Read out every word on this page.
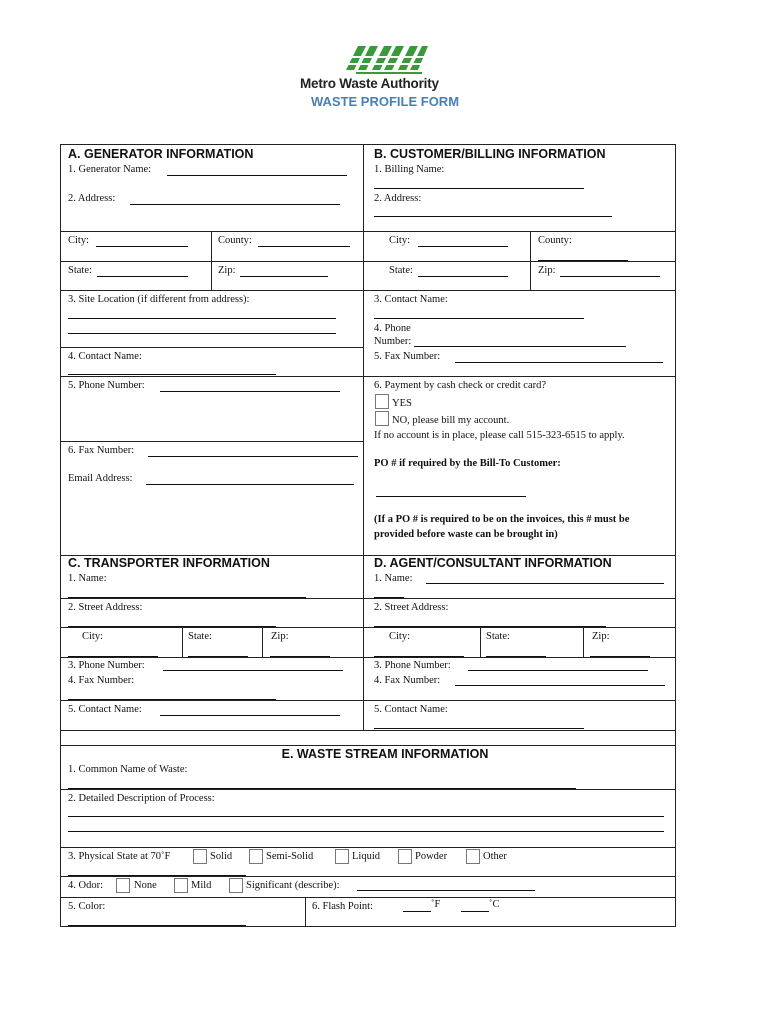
Metro Waste Authority
WASTE PROFILE FORM
A. GENERATOR INFORMATION
1. Generator Name:
2. Address:
City:	County:
State:	Zip:
3. Site Location (if different from address):
4. Contact Name:
5. Phone Number:
6. Fax Number:
Email Address:
B. CUSTOMER/BILLING INFORMATION
1. Billing Name:
2. Address:
City:	County:
State:	Zip:
3. Contact Name:
4. Phone
Number:
5. Fax Number:
6. Payment by cash check or credit card?
YES
NO, please bill my account.
If no account is in place, please call 515-323-6515 to apply.
PO # if required by the Bill-To Customer:
(If a PO # is required to be on the invoices, this # must be
provided before waste can be brought in)
C. TRANSPORTER INFORMATION
1. Name:
2. Street Address:
City:	State:	Zip:
3. Phone Number:
4. Fax Number:
5. Contact Name:
D. AGENT/CONSULTANT INFORMATION
1. Name:
2. Street Address:
City:	State:	Zip:
3. Phone Number:
4. Fax Number:
5. Contact Name:
E. WASTE STREAM INFORMATION
1. Common Name of Waste:
2. Detailed Description of Process:
3. Physical State at 70˚F	Solid	Semi-Solid	Liquid	Powder	Other
4. Odor:	None	Mild	Significant (describe):
5. Color:	6. Flash Point:	˚F	˚C
